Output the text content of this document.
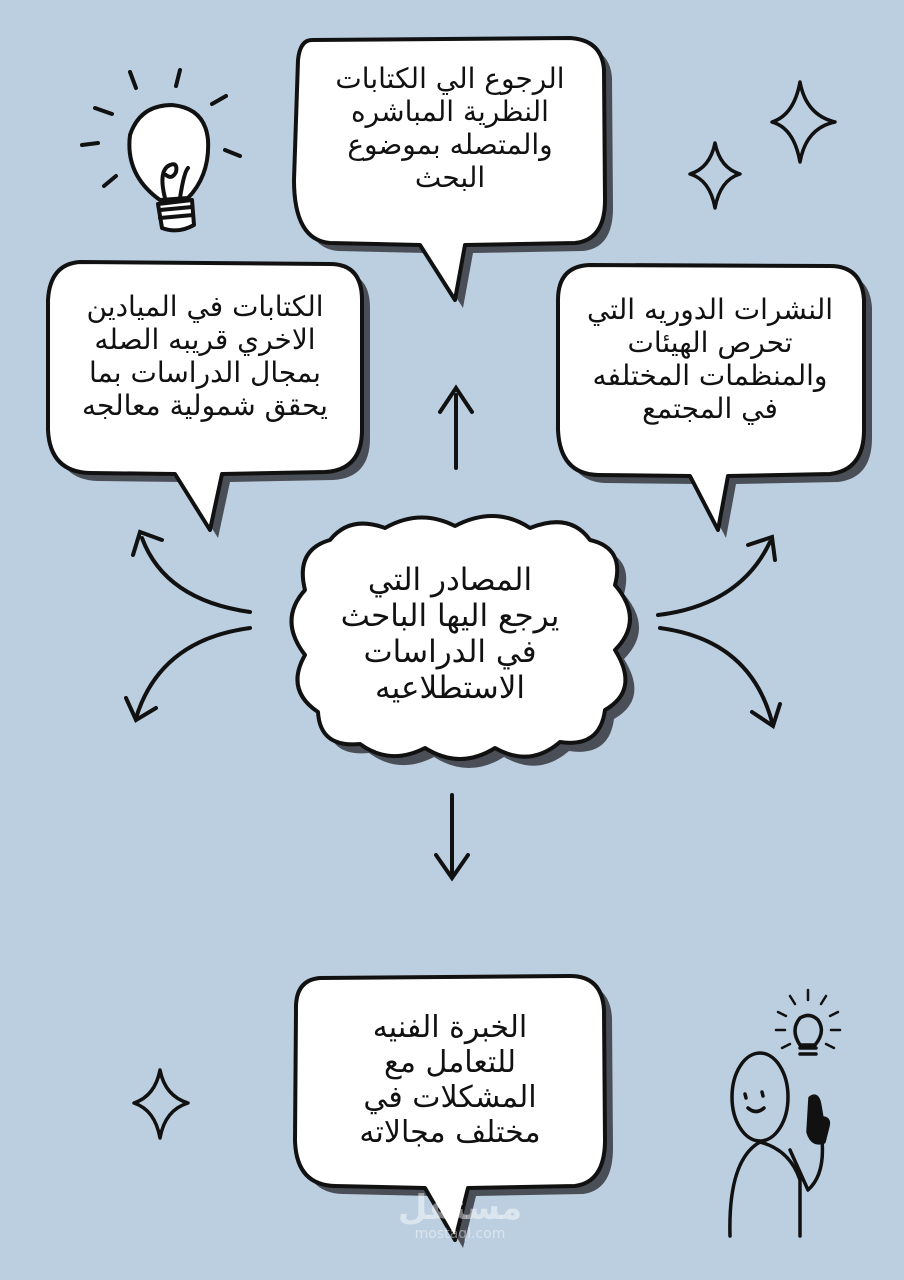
الرجوع الي الكتابات
النظرية المباشره
والمتصله بموضوع
البحث
الكتابات في الميادين
الاخري قريبه الصله
بمجال الدراسات بما
يحقق شمولية معالجه
النشرات الدوريه التي
تحرص الهيئات
والمنظمات المختلفه
في المجتمع
المصادر التي
يرجع اليها الباحث
في الدراسات
الاستطلاعيه
الخبرة الفنيه
للتعامل مع
المشكلات في
مختلف مجالاته
مستقل
mostaql.com
